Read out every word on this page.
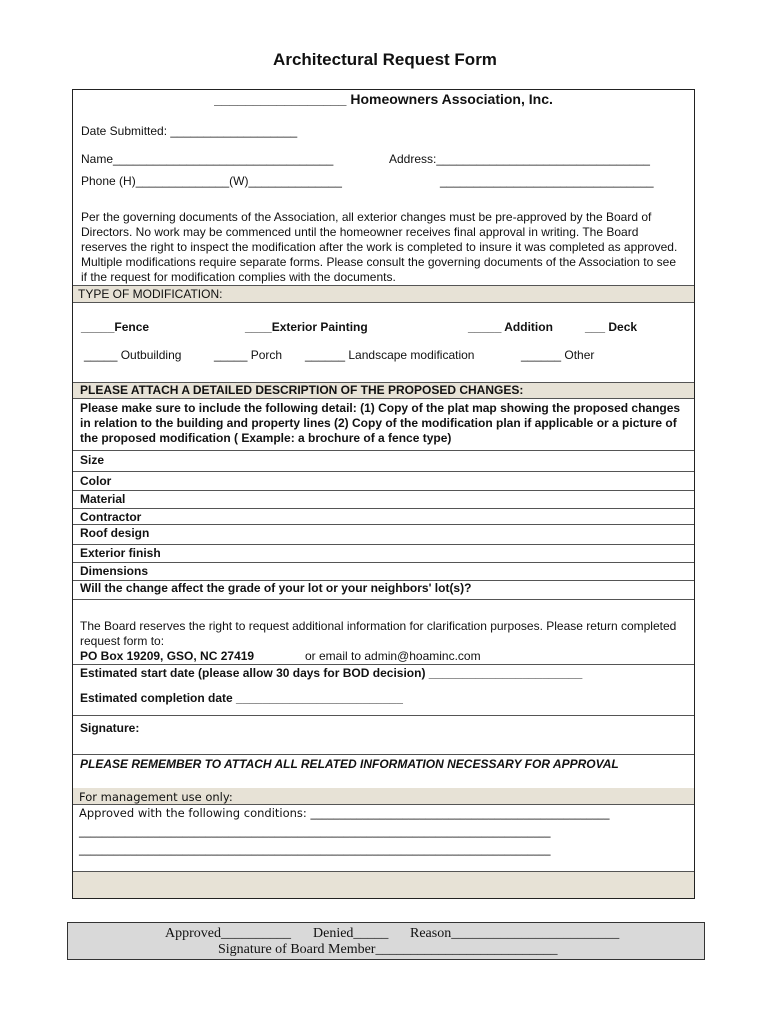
Architectural Request Form
_________________ Homeowners Association, Inc.
Date Submitted: ___________________
Name_________________________________	Address:________________________________
Phone (H)______________(W)______________	________________________________
Per the governing documents of the Association, all exterior changes must be pre-approved by the Board of Directors. No work may be commenced until the homeowner receives final approval in writing. The Board reserves the right to inspect the modification after the work is completed to insure it was completed as approved. Multiple modifications require separate forms. Please consult the governing documents of the Association to see if the request for modification complies with the documents.
TYPE OF MODIFICATION:
_____Fence	____Exterior Painting	_____ Addition	___ Deck
_____ Outbuilding	_____ Porch ______ Landscape modification	______ Other
PLEASE ATTACH A DETAILED DESCRIPTION OF THE PROPOSED CHANGES:
Please make sure to include the following detail: (1) Copy of the plat map showing the proposed changes in relation to the building and property lines (2) Copy of the modification plan if applicable or a picture of the proposed modification ( Example: a brochure of a fence type)
Size
Color
Material
Contractor
Roof design
Exterior finish
Dimensions
Will the change affect the grade of your lot or your neighbors' lot(s)?
The Board reserves the right to request additional information for clarification purposes. Please return completed request form to:
PO Box 19209, GSO, NC 27419	or email to admin@hoaminc.com
Estimated start date (please allow 30 days for BOD decision) _______________________
Estimated completion date _________________________
Signature:
PLEASE REMEMBER TO ATTACH ALL RELATED INFORMATION NECESSARY FOR APPROVAL
For management use only:
Approved with the following conditions: ____________________________________________________
__________________________________________________________________________________
__________________________________________________________________________________
Approved__________ Denied_____ Reason________________________
Signature of Board Member__________________________
